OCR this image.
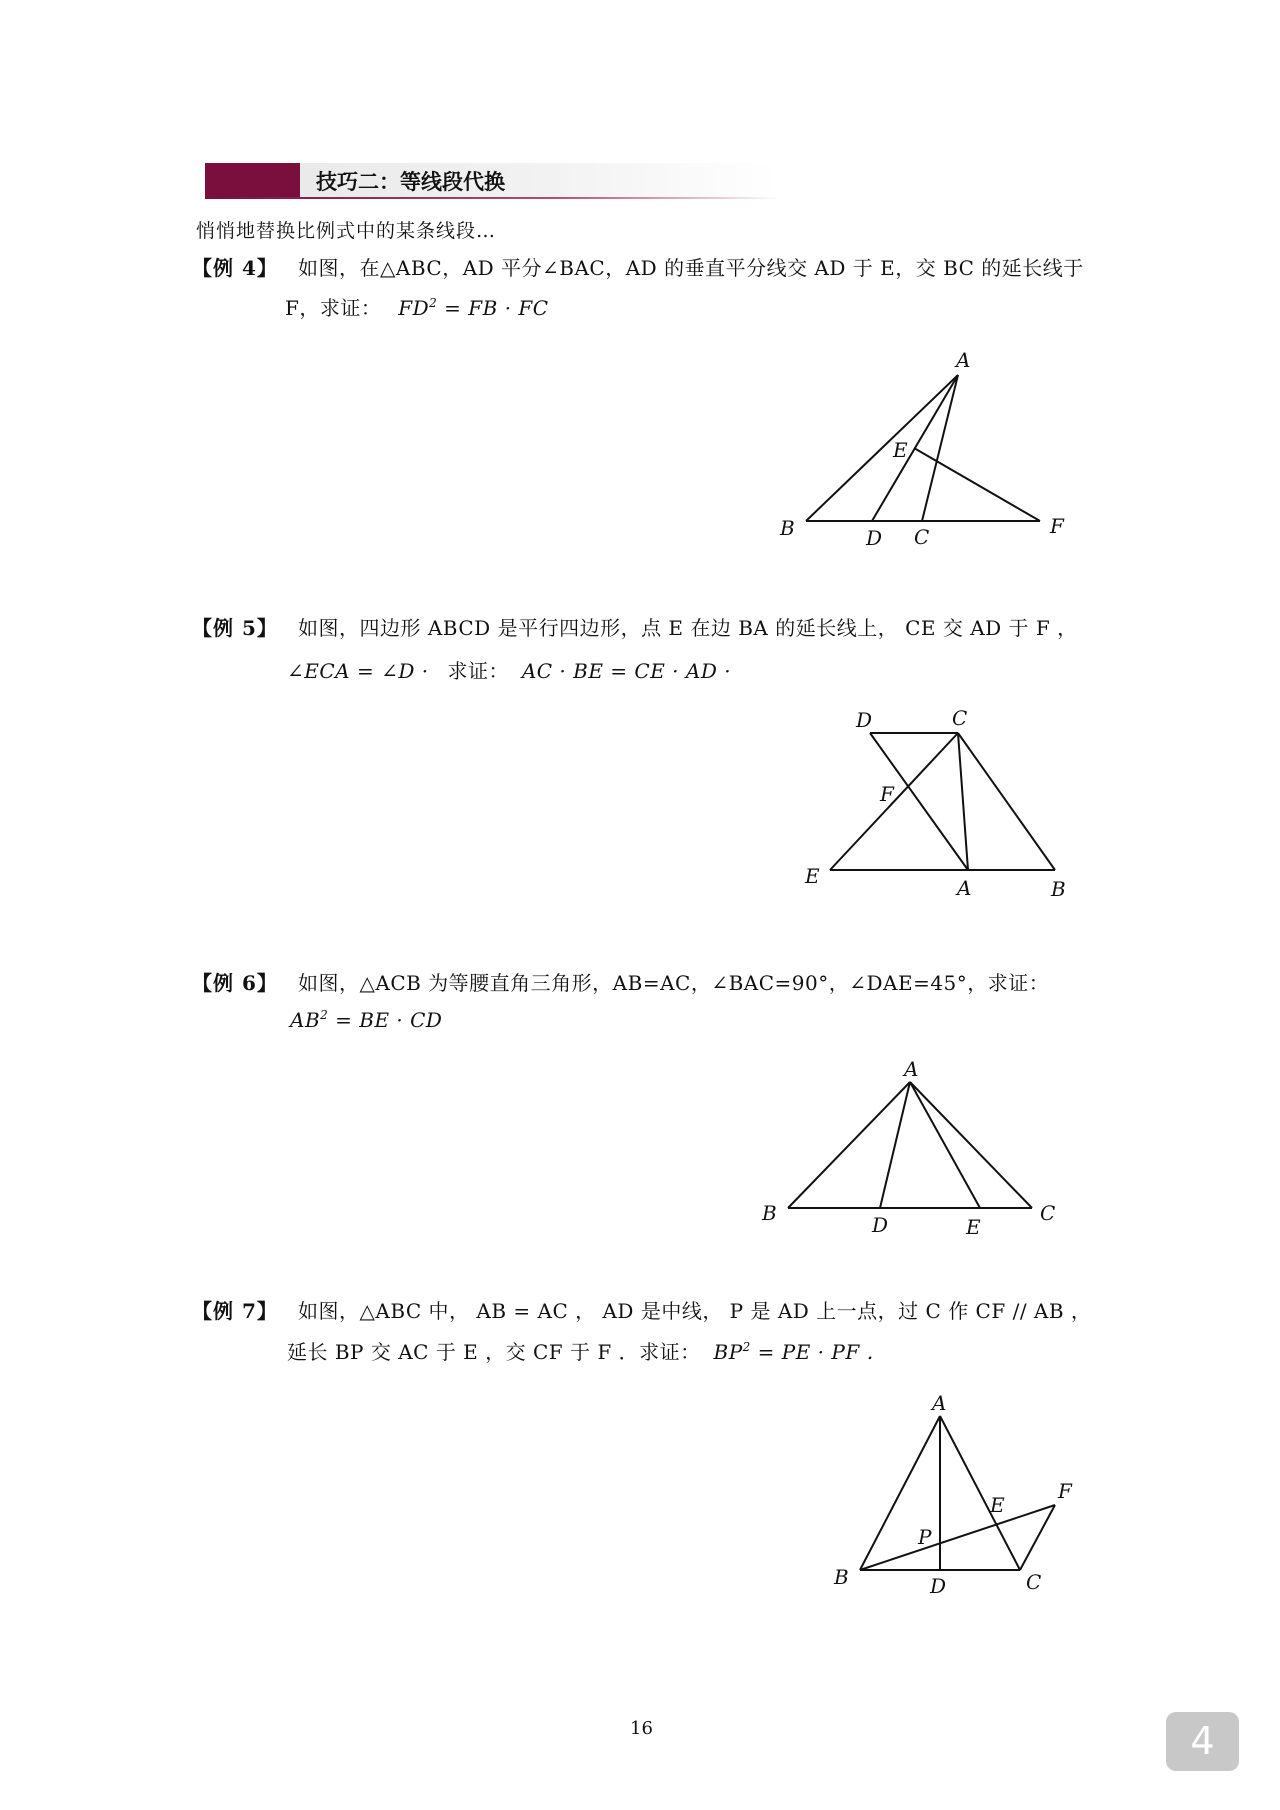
技巧二：等线段代换
悄悄地替换比例式中的某条线段…
【例 4】 如图，在△ABC，AD 平分∠BAC，AD 的垂直平分线交 AD 于 E，交 BC 的延长线于
F，求证： $FD^2$ = FB · FC
A
B	D C
E
F
【例 5】 如图，四边形 ABCD 是平行四边形，点 E 在边 BA 的延长线上， CE 交 AD 于 F ，
∠ECA = ∠D · 求证： AC · BE = CE · AD ·
D	C
F
E	A	B
【例 6】 如图，△ACB 为等腰直角三角形，AB=AC，∠BAC=90°，∠DAE=45°，求证：
$AB^2$ = BE · CD
A
B	D	E
C
【例 7】 如图，△ABC 中， AB = AC ， AD 是中线， P 是 AD 上一点，过 C 作 CF // AB ，
延长 BP 交 AC 于 E ，交 CF 于 F ．求证： $BP^2$ = PE · PF ．
A
B	D	C
P
E
F
16	4
